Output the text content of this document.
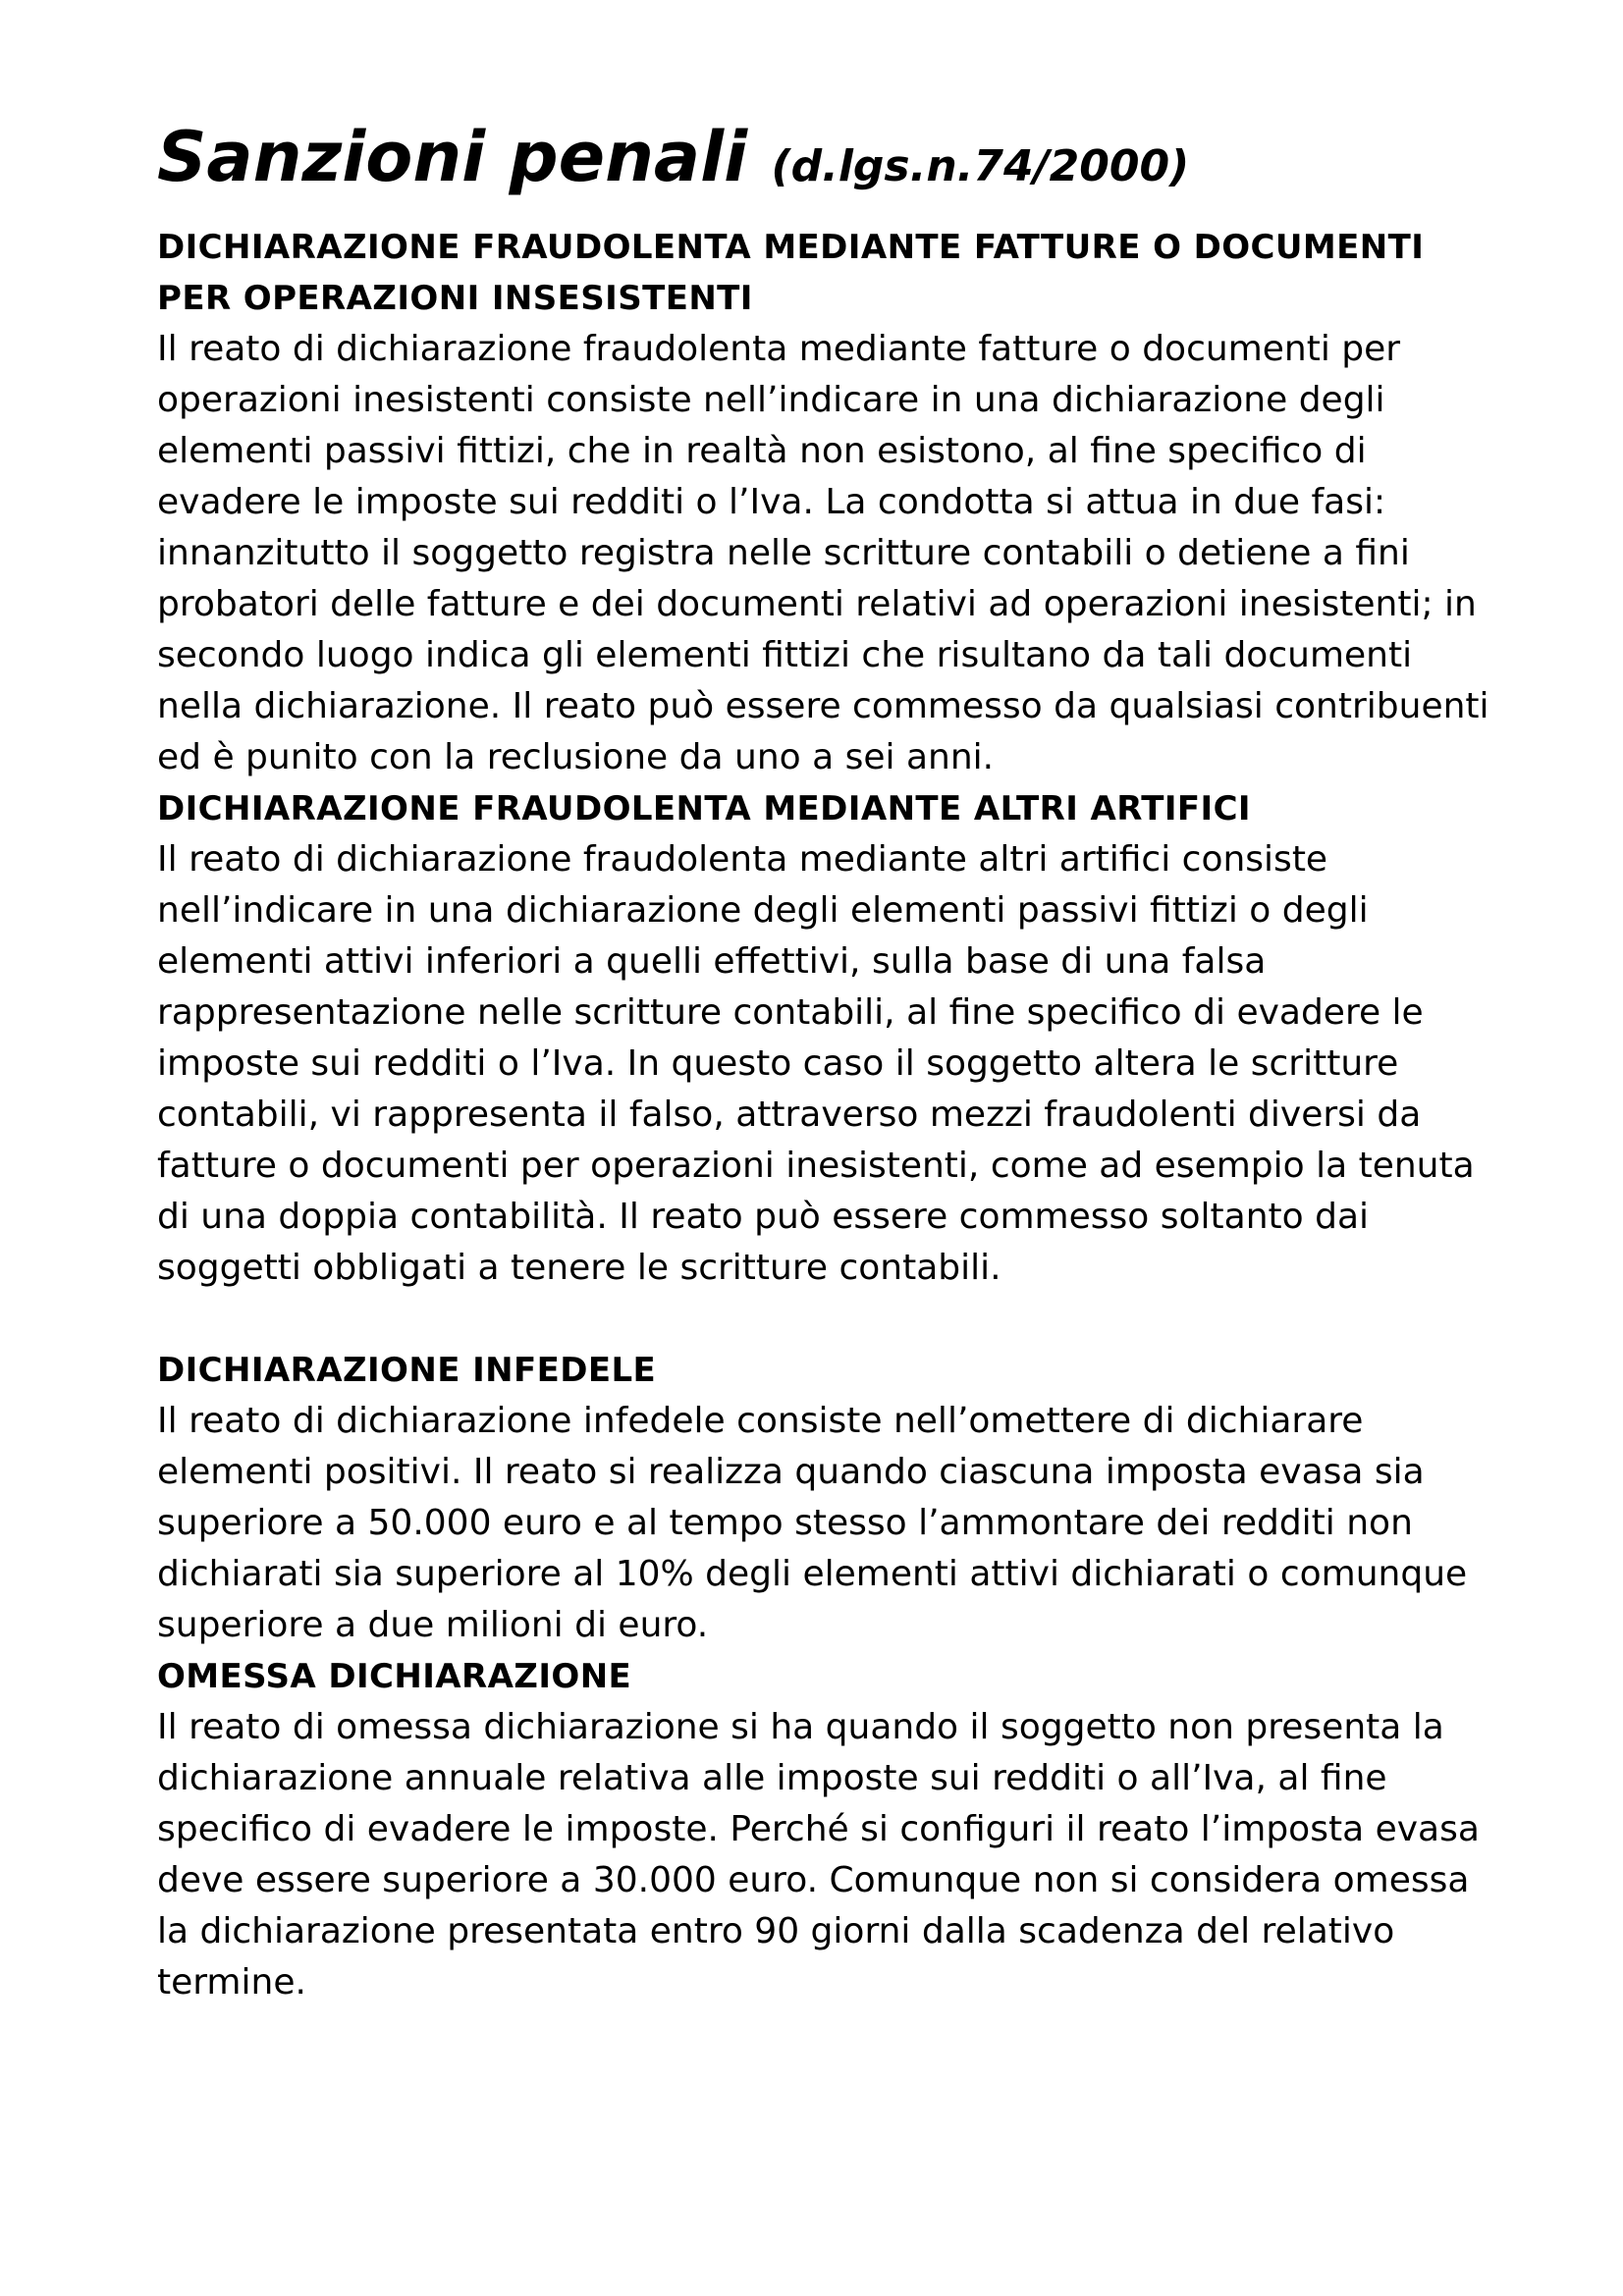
Sanzioni penali (d.lgs.n.74/2000)
DICHIARAZIONE FRAUDOLENTA MEDIANTE FATTURE O DOCUMENTI PER OPERAZIONI INSESISTENTI

Il reato di dichiarazione fraudolenta mediante fatture o documenti per operazioni inesistenti consiste nell’indicare in una dichiarazione degli elementi passivi fittizi, che in realtà non esistono, al fine specifico di evadere le imposte sui redditi o l’Iva. La condotta si attua in due fasi: innanzitutto il soggetto registra nelle scritture contabili o detiene a fini probatori delle fatture e dei documenti relativi ad operazioni inesistenti; in secondo luogo indica gli elementi fittizi che risultano da tali documenti nella dichiarazione. Il reato può essere commesso da qualsiasi contribuenti ed è punito con la reclusione da uno a sei anni.

DICHIARAZIONE FRAUDOLENTA MEDIANTE ALTRI ARTIFICI

Il reato di dichiarazione fraudolenta mediante altri artifici consiste nell’indicare in una dichiarazione degli elementi passivi fittizi o degli elementi attivi inferiori a quelli effettivi, sulla base di una falsa rappresentazione nelle scritture contabili, al fine specifico di evadere le imposte sui redditi o l’Iva. In questo caso il soggetto altera le scritture contabili, vi rappresenta il falso, attraverso mezzi fraudolenti diversi da fatture o documenti per operazioni inesistenti, come ad esempio la tenuta di una doppia contabilità. Il reato può essere commesso soltanto dai soggetti obbligati a tenere le scritture contabili.

DICHIARAZIONE INFEDELE

Il reato di dichiarazione infedele consiste nell’omettere di dichiarare elementi positivi. Il reato si realizza quando ciascuna imposta evasa sia superiore a 50.000 euro e al tempo stesso l’ammontare dei redditi non dichiarati sia superiore al 10% degli elementi attivi dichiarati o comunque superiore a due milioni di euro.

OMESSA DICHIARAZIONE

Il reato di omessa dichiarazione si ha quando il soggetto non presenta la dichiarazione annuale relativa alle imposte sui redditi o all’Iva, al fine specifico di evadere le imposte. Perché si configuri il reato l’imposta evasa deve essere superiore a 30.000 euro. Comunque non si considera omessa la dichiarazione presentata entro 90 giorni dalla scadenza del relativo termine.
